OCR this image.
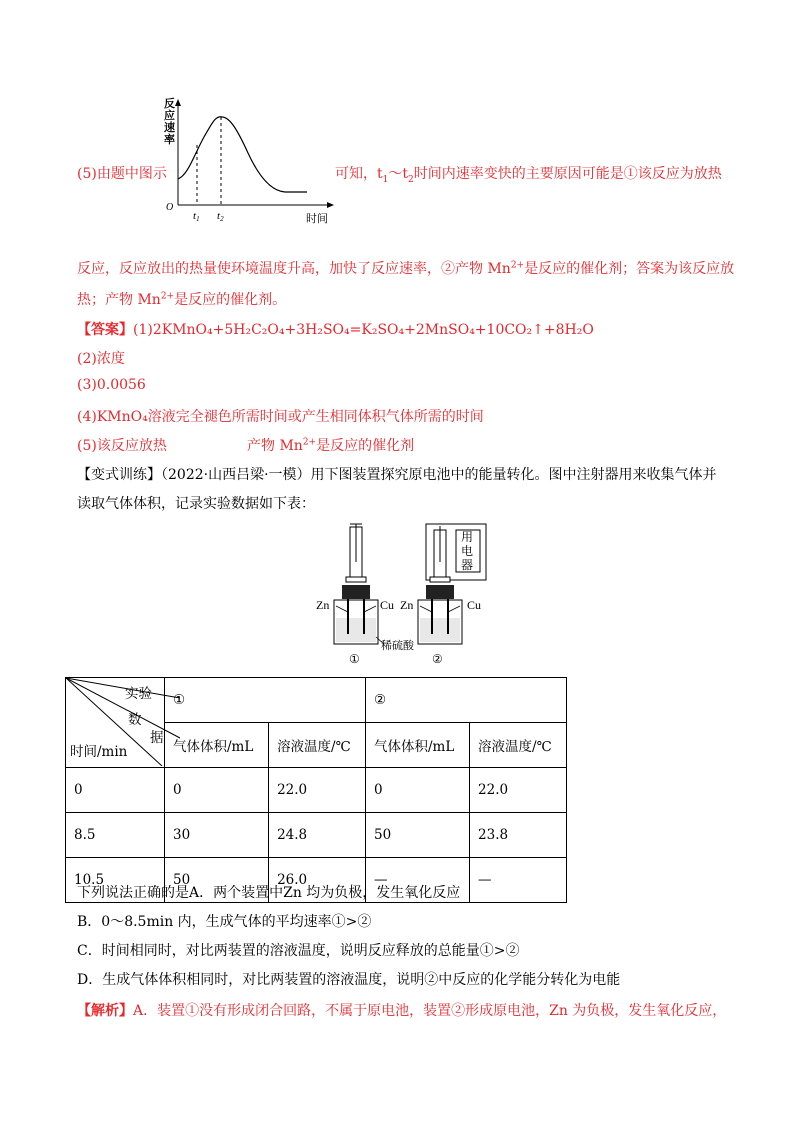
O
t1 t2	时间
反应速率
(5)由题中图示	可知，$t_1\sim t_2$时间内速率变快的主要原因可能是①该反应为放热
反应，反应放出的热量使环境温度升高，加快了反应速率，②产物 $Mn^{2+}$是反应的催化剂；答案为该反应放
热；产物 $Mn^{2+}$是反应的催化剂。
【答案】(1)2KMnO₄+5H₂C₂O₄+3H₂SO₄=K₂SO₄+2MnSO₄+10CO₂↑+8H₂O
(2)浓度
(3)0.0056
(4)KMnO₄溶液完全褪色所需时间或产生相同体积气体所需的时间
(5)该反应放热	产物 $Mn^{2+}$是反应的催化剂
【变式训练】（2022·山西吕梁·一模）用下图装置探究原电池中的能量转化。图中注射器用来收集气体并
读取气体体积，记录实验数据如下表：
用电器
Zn	Cu Zn	Cu
稀硫酸
①	②
实验
数
据
时间/min	①		②	
	气体体积/mL	溶液温度/℃	气体体积/mL	溶液温度/℃
0	0	22.0	0	22.0
8.5	30	24.8	50	23.8
10.5	50	26.0	—	—
下列说法正确的是A．两个装置中Zn 均为负极，发生氧化反应
B．0～8.5min 内，生成气体的平均速率①>②
C．时间相同时，对比两装置的溶液温度，说明反应释放的总能量①>②
D．生成气体体积相同时，对比两装置的溶液温度，说明②中反应的化学能分转化为电能
【解析】A．装置①没有形成闭合回路，不属于原电池，装置②形成原电池，Zn 为负极，发生氧化反应，
